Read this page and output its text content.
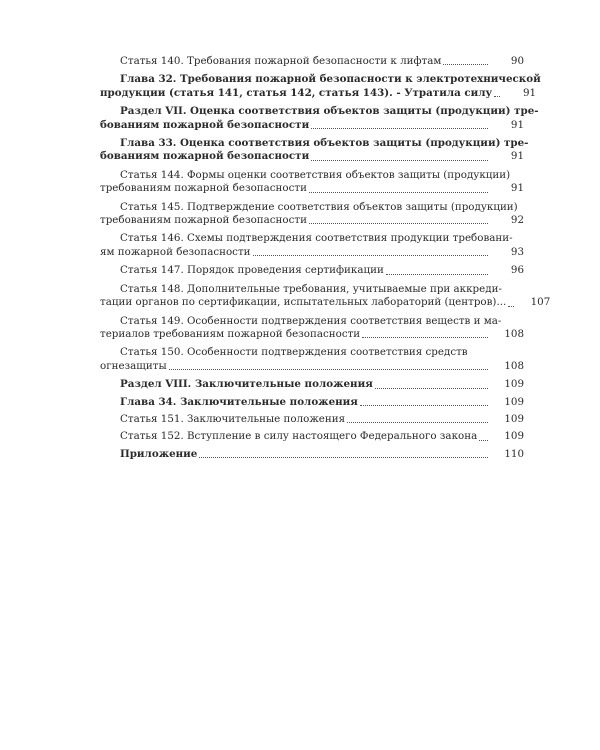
Статья 140. Требования пожарной безопасности к лифтам	90
Глава 32. Требования пожарной безопасности к электротехнической
продукции (статья 141, статья 142, статья 143). - Утратила силу	91
Раздел VII. Оценка соответствия объектов защиты (продукции) тре-
бованиям пожарной безопасности	91
Глава 33. Оценка соответствия объектов защиты (продукции) тре-
бованиям пожарной безопасности	91
Статья 144. Формы оценки соответствия объектов защиты (продукции)
требованиям пожарной безопасности	91
Статья 145. Подтверждение соответствия объектов защиты (продукции)
требованиям пожарной безопасности	92
Статья 146. Схемы подтверждения соответствия продукции требовани-
ям пожарной безопасности	93
Статья 147. Порядок проведения сертификации	96
Статья 148. Дополнительные требования, учитываемые при аккреди-
тации органов по сертификации, испытательных лабораторий (центров)...	107
Статья 149. Особенности подтверждения соответствия веществ и ма-
териалов требованиям пожарной безопасности	108
Статья 150. Особенности подтверждения соответствия средств
огнезащиты	108
Раздел VIII. Заключительные положения	109
Глава 34. Заключительные положения	109
Статья 151. Заключительные положения	109
Статья 152. Вступление в силу настоящего Федерального закона	109
Приложение	110
